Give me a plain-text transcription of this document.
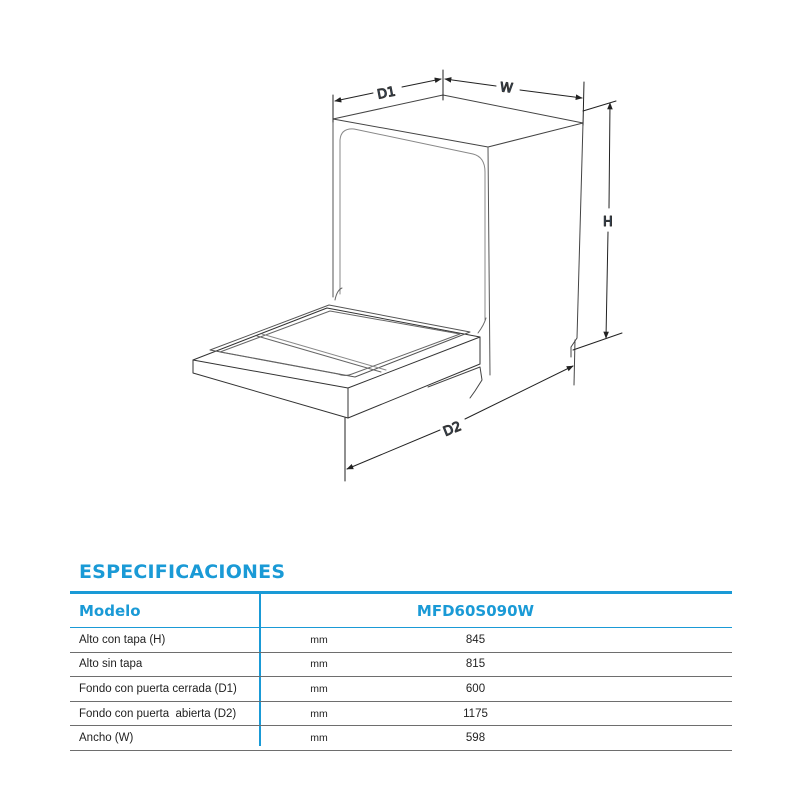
D1	W
H
D2
ESPECIFICACIONES
Modelo	MFD60S090W
Alto con tapa (H)	mm	845
Alto sin tapa	mm	815
Fondo con puerta cerrada (D1)	mm	600
Fondo con puerta  abierta (D2)	mm	1175
Ancho (W)	mm	598
